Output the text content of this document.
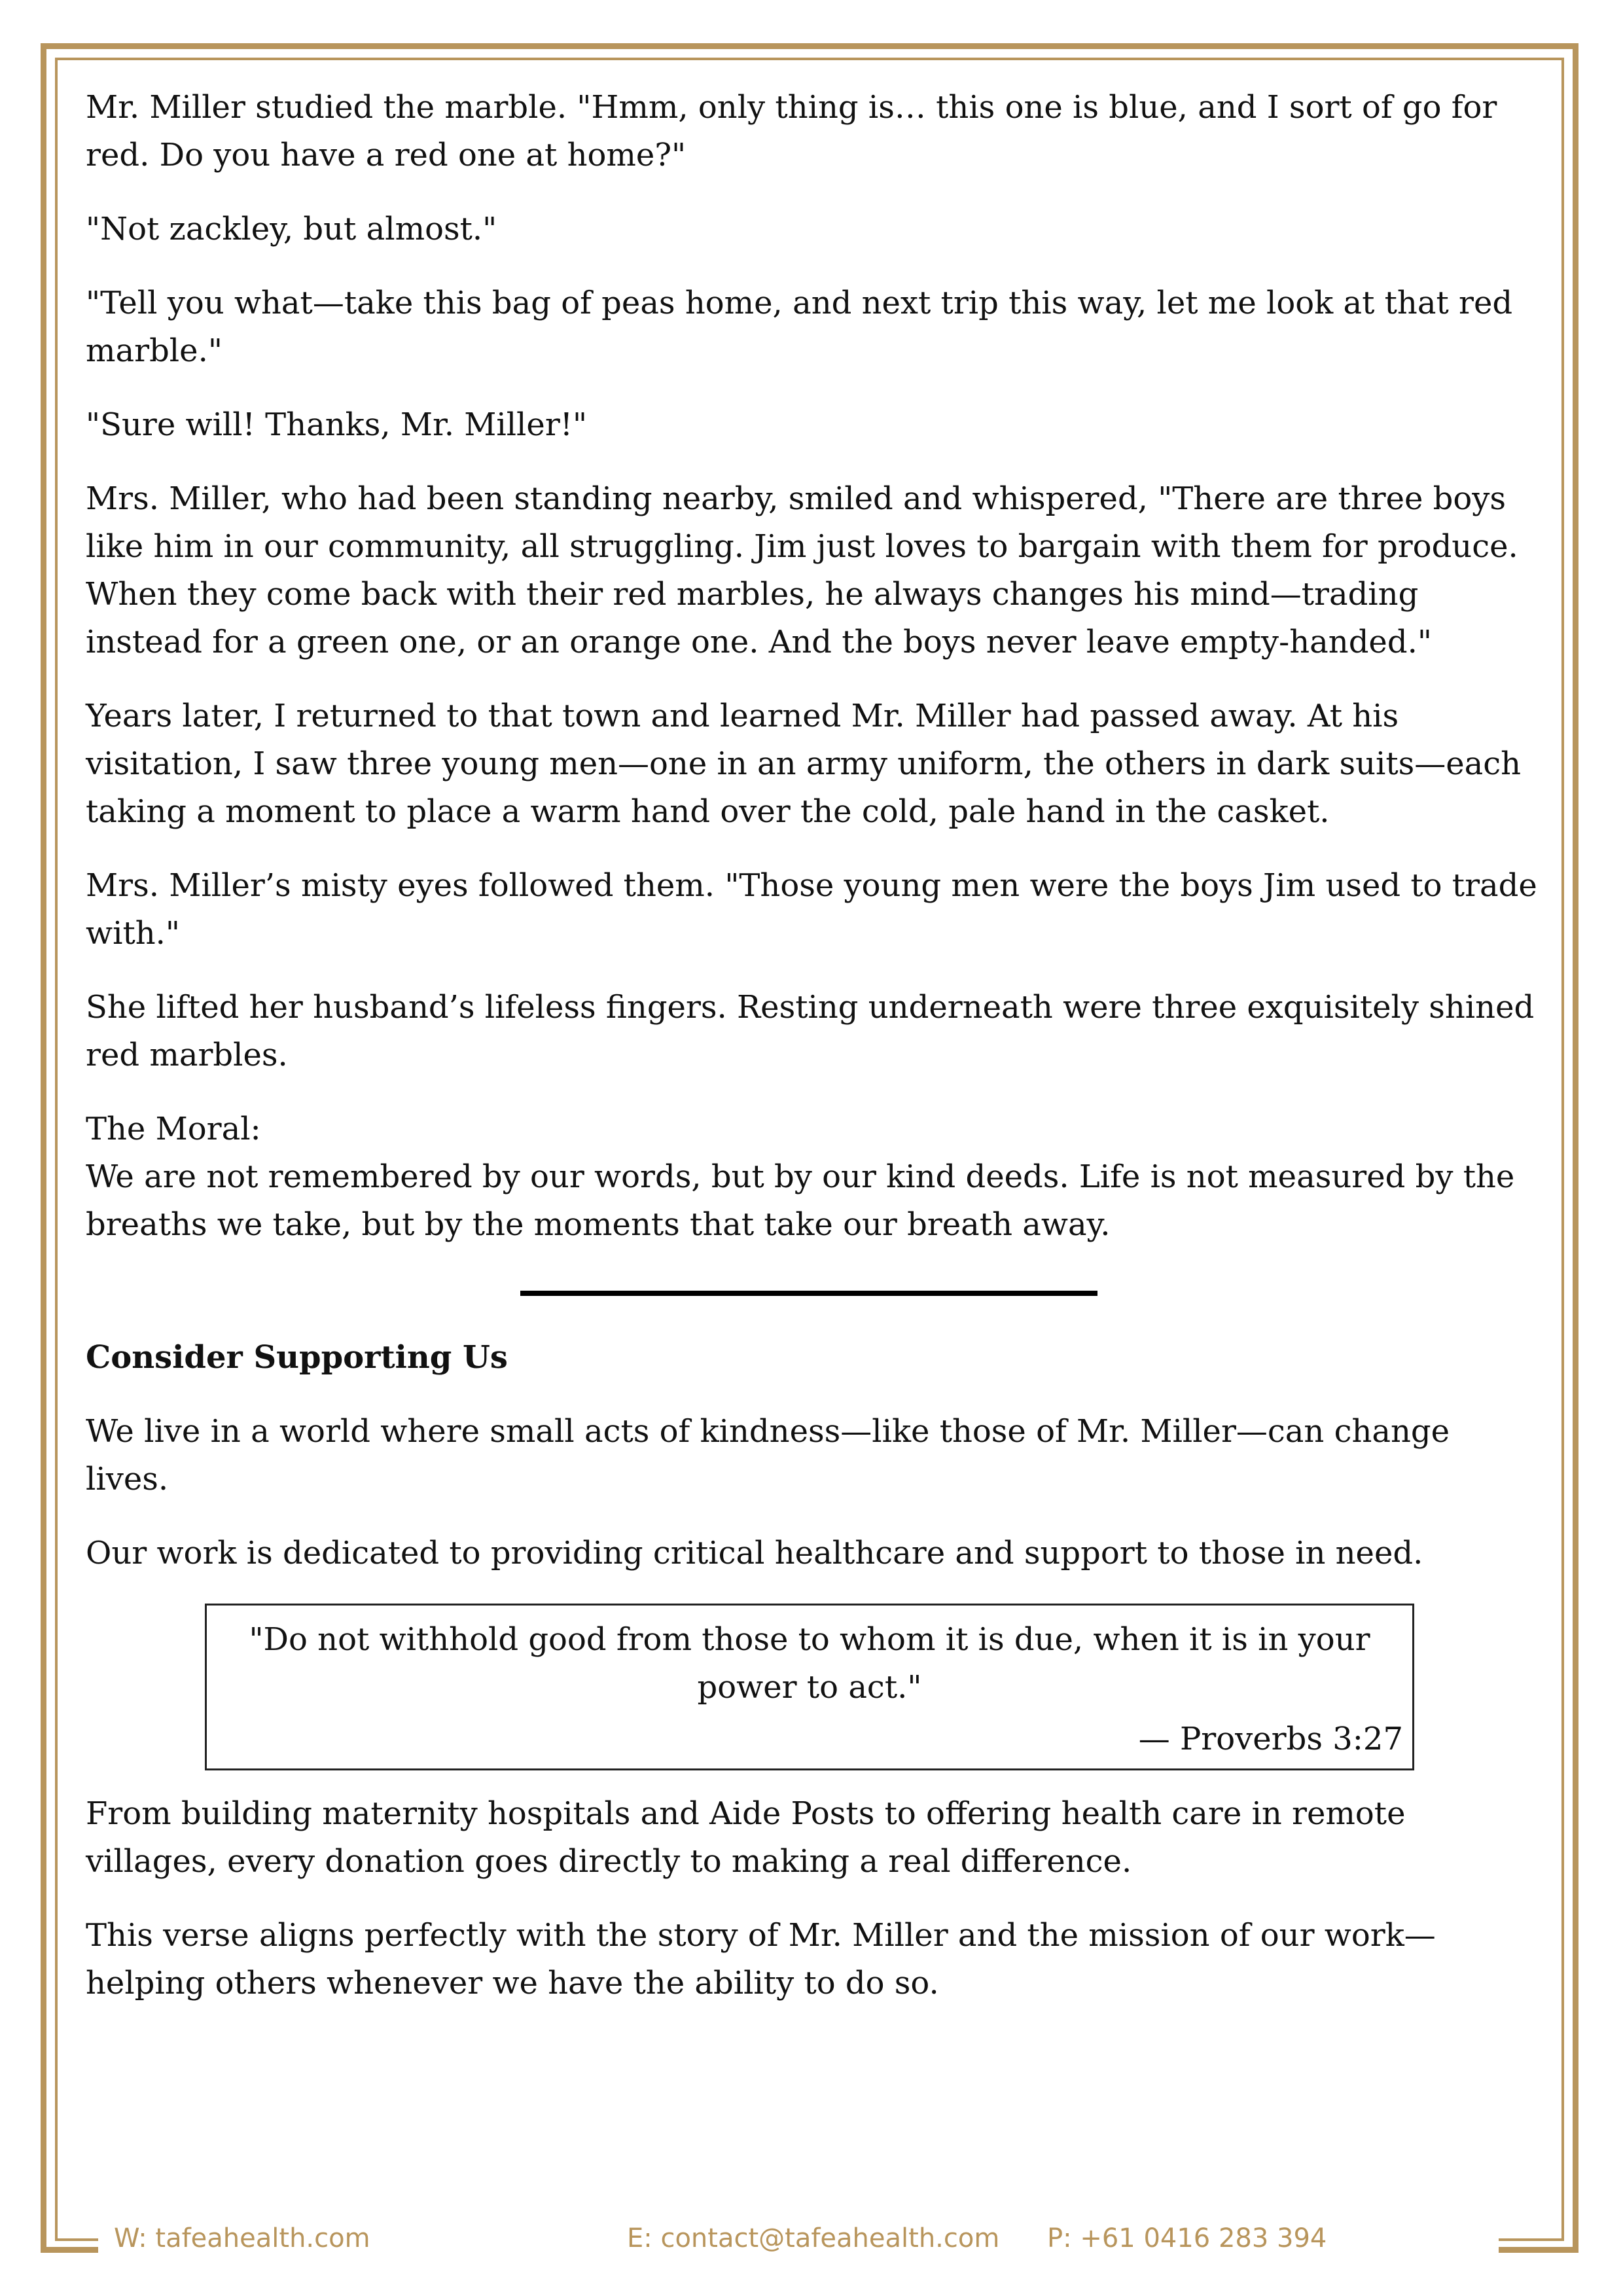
Mr. Miller studied the marble. "Hmm, only thing is… this one is blue, and I sort of go for red. Do you have a red one at home?"

"Not zackley, but almost."

"Tell you what—take this bag of peas home, and next trip this way, let me look at that red marble."

"Sure will! Thanks, Mr. Miller!"

Mrs. Miller, who had been standing nearby, smiled and whispered, "There are three boys like him in our community, all struggling. Jim just loves to bargain with them for produce. When they come back with their red marbles, he always changes his mind—trading instead for a green one, or an orange one. And the boys never leave empty-handed."

Years later, I returned to that town and learned Mr. Miller had passed away. At his visitation, I saw three young men—one in an army uniform, the others in dark suits—each taking a moment to place a warm hand over the cold, pale hand in the casket.

Mrs. Miller’s misty eyes followed them. "Those young men were the boys Jim used to trade with."

She lifted her husband’s lifeless fingers. Resting underneath were three exquisitely shined red marbles.

The Moral:

We are not remembered by our words, but by our kind deeds. Life is not measured by the breaths we take, but by the moments that take our breath away.

Consider Supporting Us

We live in a world where small acts of kindness—like those of Mr. Miller—can change lives.

Our work is dedicated to providing critical healthcare and support to those in need.

"Do not withhold good from those to whom it is due, when it is in your power to act."
— Proverbs 3:27

From building maternity hospitals and Aide Posts to offering health care in remote villages, every donation goes directly to making a real difference.

This verse aligns perfectly with the story of Mr. Miller and the mission of our work—helping others whenever we have the ability to do so.

W: tafeahealth.com	E: contact@tafeahealth.com P: +61 0416 283 394
